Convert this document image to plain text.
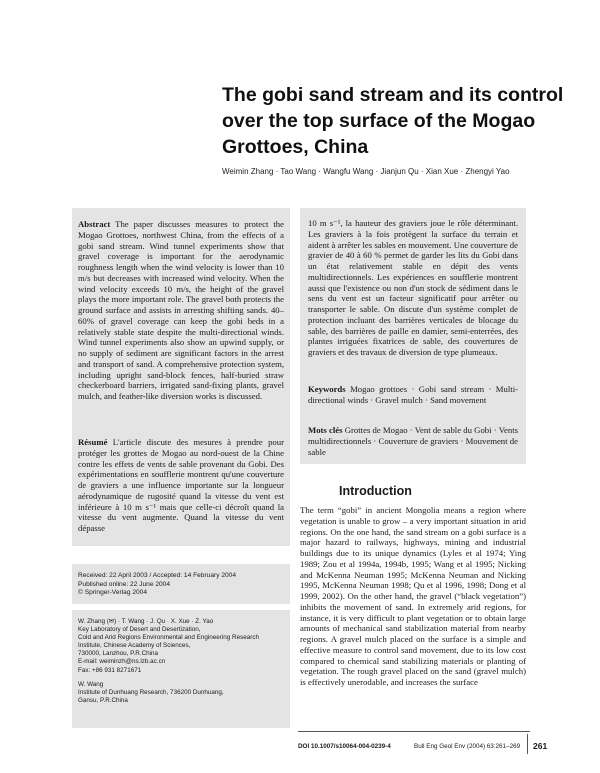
The gobi sand stream and its control
over the top surface of the Mogao
Grottoes, China
Weimin Zhang · Tao Wang · Wangfu Wang · Jianjun Qu · Xian Xue · Zhengyi Yao

Abstract The paper discusses measures to protect the Mogao Grottoes, northwest China, from the effects of a gobi sand stream. Wind tunnel experiments show that gravel coverage is important for the aerodynamic roughness length when the wind velocity is lower than 10 m/s but decreases with increased wind velocity. When the wind velocity exceeds 10 m/s, the height of the gravel plays the more important role. The gravel both protects the ground surface and assists in arresting shifting sands. 40–60% of gravel coverage can keep the gobi beds in a relatively stable state despite the multi-directional winds. Wind tunnel experiments also show an upwind supply, or no supply of sediment are significant factors in the arrest and transport of sand. A comprehensive protection system, including upright sand-block fences, half-buried straw checkerboard barriers, irrigated sand-fixing plants, gravel mulch, and feather-like diversion works is discussed.

Résumé L'article discute des mesures à prendre pour protéger les grottes de Mogao au nord-ouest de la Chine contre les effets de vents de sable provenant du Gobi. Des expérimentations en soufflerie montrent qu'une couverture de graviers a une influence importante sur la longueur aérodynamique de rugosité quand la vitesse du vent est inférieure à 10 m s⁻¹ mais que celle-ci décroît quand la vitesse du vent augmente. Quand la vitesse du vent dépasse

10 m s⁻¹, la hauteur des graviers joue le rôle déterminant. Les graviers à la fois protègent la surface du terrain et aident à arrêter les sables en mouvement. Une couverture de gravier de 40 à 60 % permet de garder les lits du Gobi dans un état relativement stable en dépit des vents multidirectionnels. Les expériences en soufflerie montrent aussi que l'existence ou non d'un stock de sédiment dans le sens du vent est un facteur significatif pour arrêter ou transporter le sable. On discute d'un système complet de protection incluant des barrières verticales de blocage du sable, des barrières de paille en damier, semi-enterrées, des plantes irriguées fixatrices de sable, des couvertures de graviers et des travaux de diversion de type plumeaux.

Keywords Mogao grottoes · Gobi sand stream · Multi-directional winds · Gravel mulch · Sand movement

Mots clés Grottes de Mogao · Vent de sable du Gobi · Vents multidirectionnels · Couverture de graviers · Mouvement de sable

Received: 22 April 2003 / Accepted: 14 February 2004
Published online: 22 June 2004
© Springer-Verlag 2004
W. Zhang (✉) · T. Wang · J. Qu · X. Xue · Z. Yao
Key Laboratory of Desert and Desertization,
Cold and Arid Regions Environmental and Engineering Research
Institute, Chinese Academy of Sciences,
730000, Lanzhou, P.R.China
E-mail: weiminzh@ns.lzb.ac.cn
Fax: +86 931 8271671
W. Wang
Institute of Dunhuang Research, 736200 Dunhuang,
Gansu, P.R.China
Introduction

The term “gobi” in ancient Mongolia means a region where vegetation is unable to grow – a very important situation in arid regions. On the one hand, the sand stream on a gobi surface is a major hazard to railways, highways, mining and industrial buildings due to its unique dynamics (Lyles et al 1974; Ying 1989; Zou et al 1994a, 1994b, 1995; Wang et al 1995; Nicking and McKenna Neuman 1995; McKenna Neuman and Nicking 1995, McKenna Neuman 1998; Qu et al 1996, 1998; Dong et al 1999, 2002). On the other hand, the gravel (“black vegetation”) inhibits the movement of sand. In extremely arid regions, for instance, it is very difficult to plant vegetation or to obtain large amounts of mechanical sand stabilization material from nearby regions. A gravel mulch placed on the surface is a simple and effective measure to control sand movement, due to its low cost compared to chemical sand stabilizing materials or planting of vegetation. The rough gravel placed on the sand (gravel mulch) is effectively unerodable, and increases the surface

DOI 10.1007/s10064-004-0239-4	Bull Eng Geol Env (2004) 63:261–269 261
